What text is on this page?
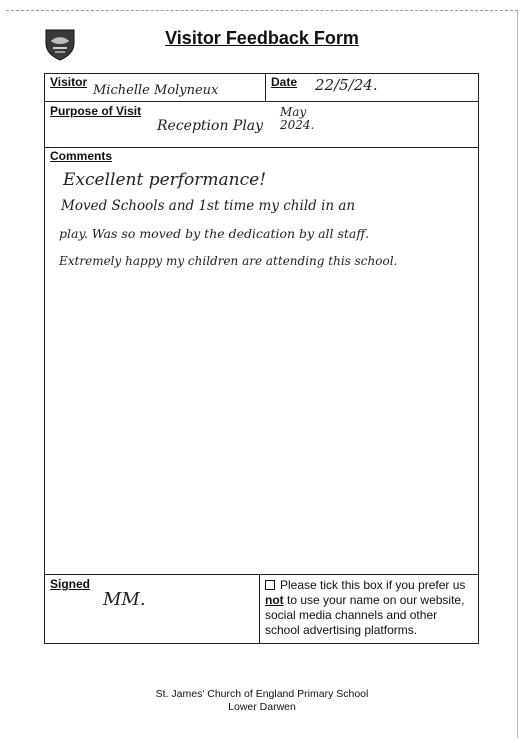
Visitor Feedback Form
Visitor
Michelle Molyneux
Date 22/5/24.
Purpose of Visit
Reception Play
May 2024.
Comments
Excellent performance!
Moved Schools and 1st time my child in an
play. Was so moved by the dedication by all staff.
Extremely happy my children are attending this school.
Signed
MM.
Please tick this box if you prefer us not to use your name on our website, social media channels and other school advertising platforms.
St. James' Church of England Primary School
Lower Darwen
